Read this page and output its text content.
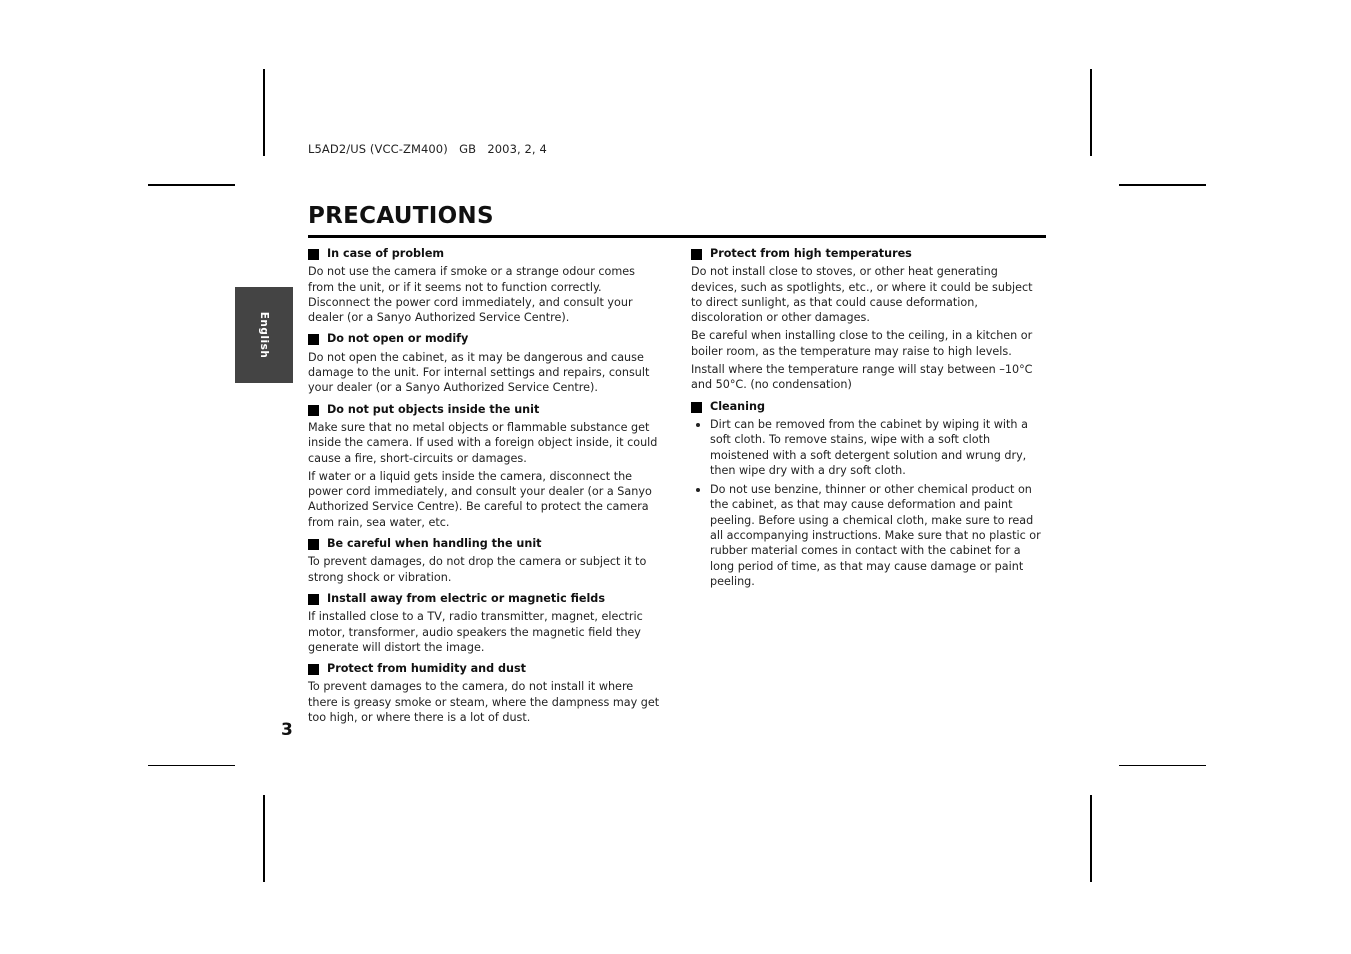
L5AD2/US (VCC-ZM400)   GB   2003, 2, 4
PRECAUTIONS
English
3
In case of problem

Do not use the camera if smoke or a strange odour comes from the unit, or if it seems not to function correctly. Disconnect the power cord immediately, and consult your dealer (or a Sanyo Authorized Service Centre).

Do not open or modify

Do not open the cabinet, as it may be dangerous and cause damage to the unit. For internal settings and repairs, consult your dealer (or a Sanyo Authorized Service Centre).

Do not put objects inside the unit

Make sure that no metal objects or flammable substance get inside the camera. If used with a foreign object inside, it could cause a fire, short-circuits or damages.

If water or a liquid gets inside the camera, disconnect the power cord immediately, and consult your dealer (or a Sanyo Authorized Service Centre). Be careful to protect the camera from rain, sea water, etc.

Be careful when handling the unit

To prevent damages, do not drop the camera or subject it to strong shock or vibration.

Install away from electric or magnetic fields

If installed close to a TV, radio transmitter, magnet, electric motor, transformer, audio speakers the magnetic field they generate will distort the image.

Protect from humidity and dust

To prevent damages to the camera, do not install it where there is greasy smoke or steam, where the dampness may get too high, or where there is a lot of dust.

Protect from high temperatures

Do not install close to stoves, or other heat generating devices, such as spotlights, etc., or where it could be subject to direct sunlight, as that could cause deformation, discoloration or other damages.

Be careful when installing close to the ceiling, in a kitchen or boiler room, as the temperature may raise to high levels.

Install where the temperature range will stay between –10°C and 50°C. (no condensation)

Cleaning
Dirt can be removed from the cabinet by wiping it with a soft cloth. To remove stains, wipe with a soft cloth moistened with a soft detergent solution and wrung dry, then wipe dry with a dry soft cloth.
Do not use benzine, thinner or other chemical product on the cabinet, as that may cause deformation and paint peeling. Before using a chemical cloth, make sure to read all accompanying instructions. Make sure that no plastic or rubber material comes in contact with the cabinet for a long period of time, as that may cause damage or paint peeling.
